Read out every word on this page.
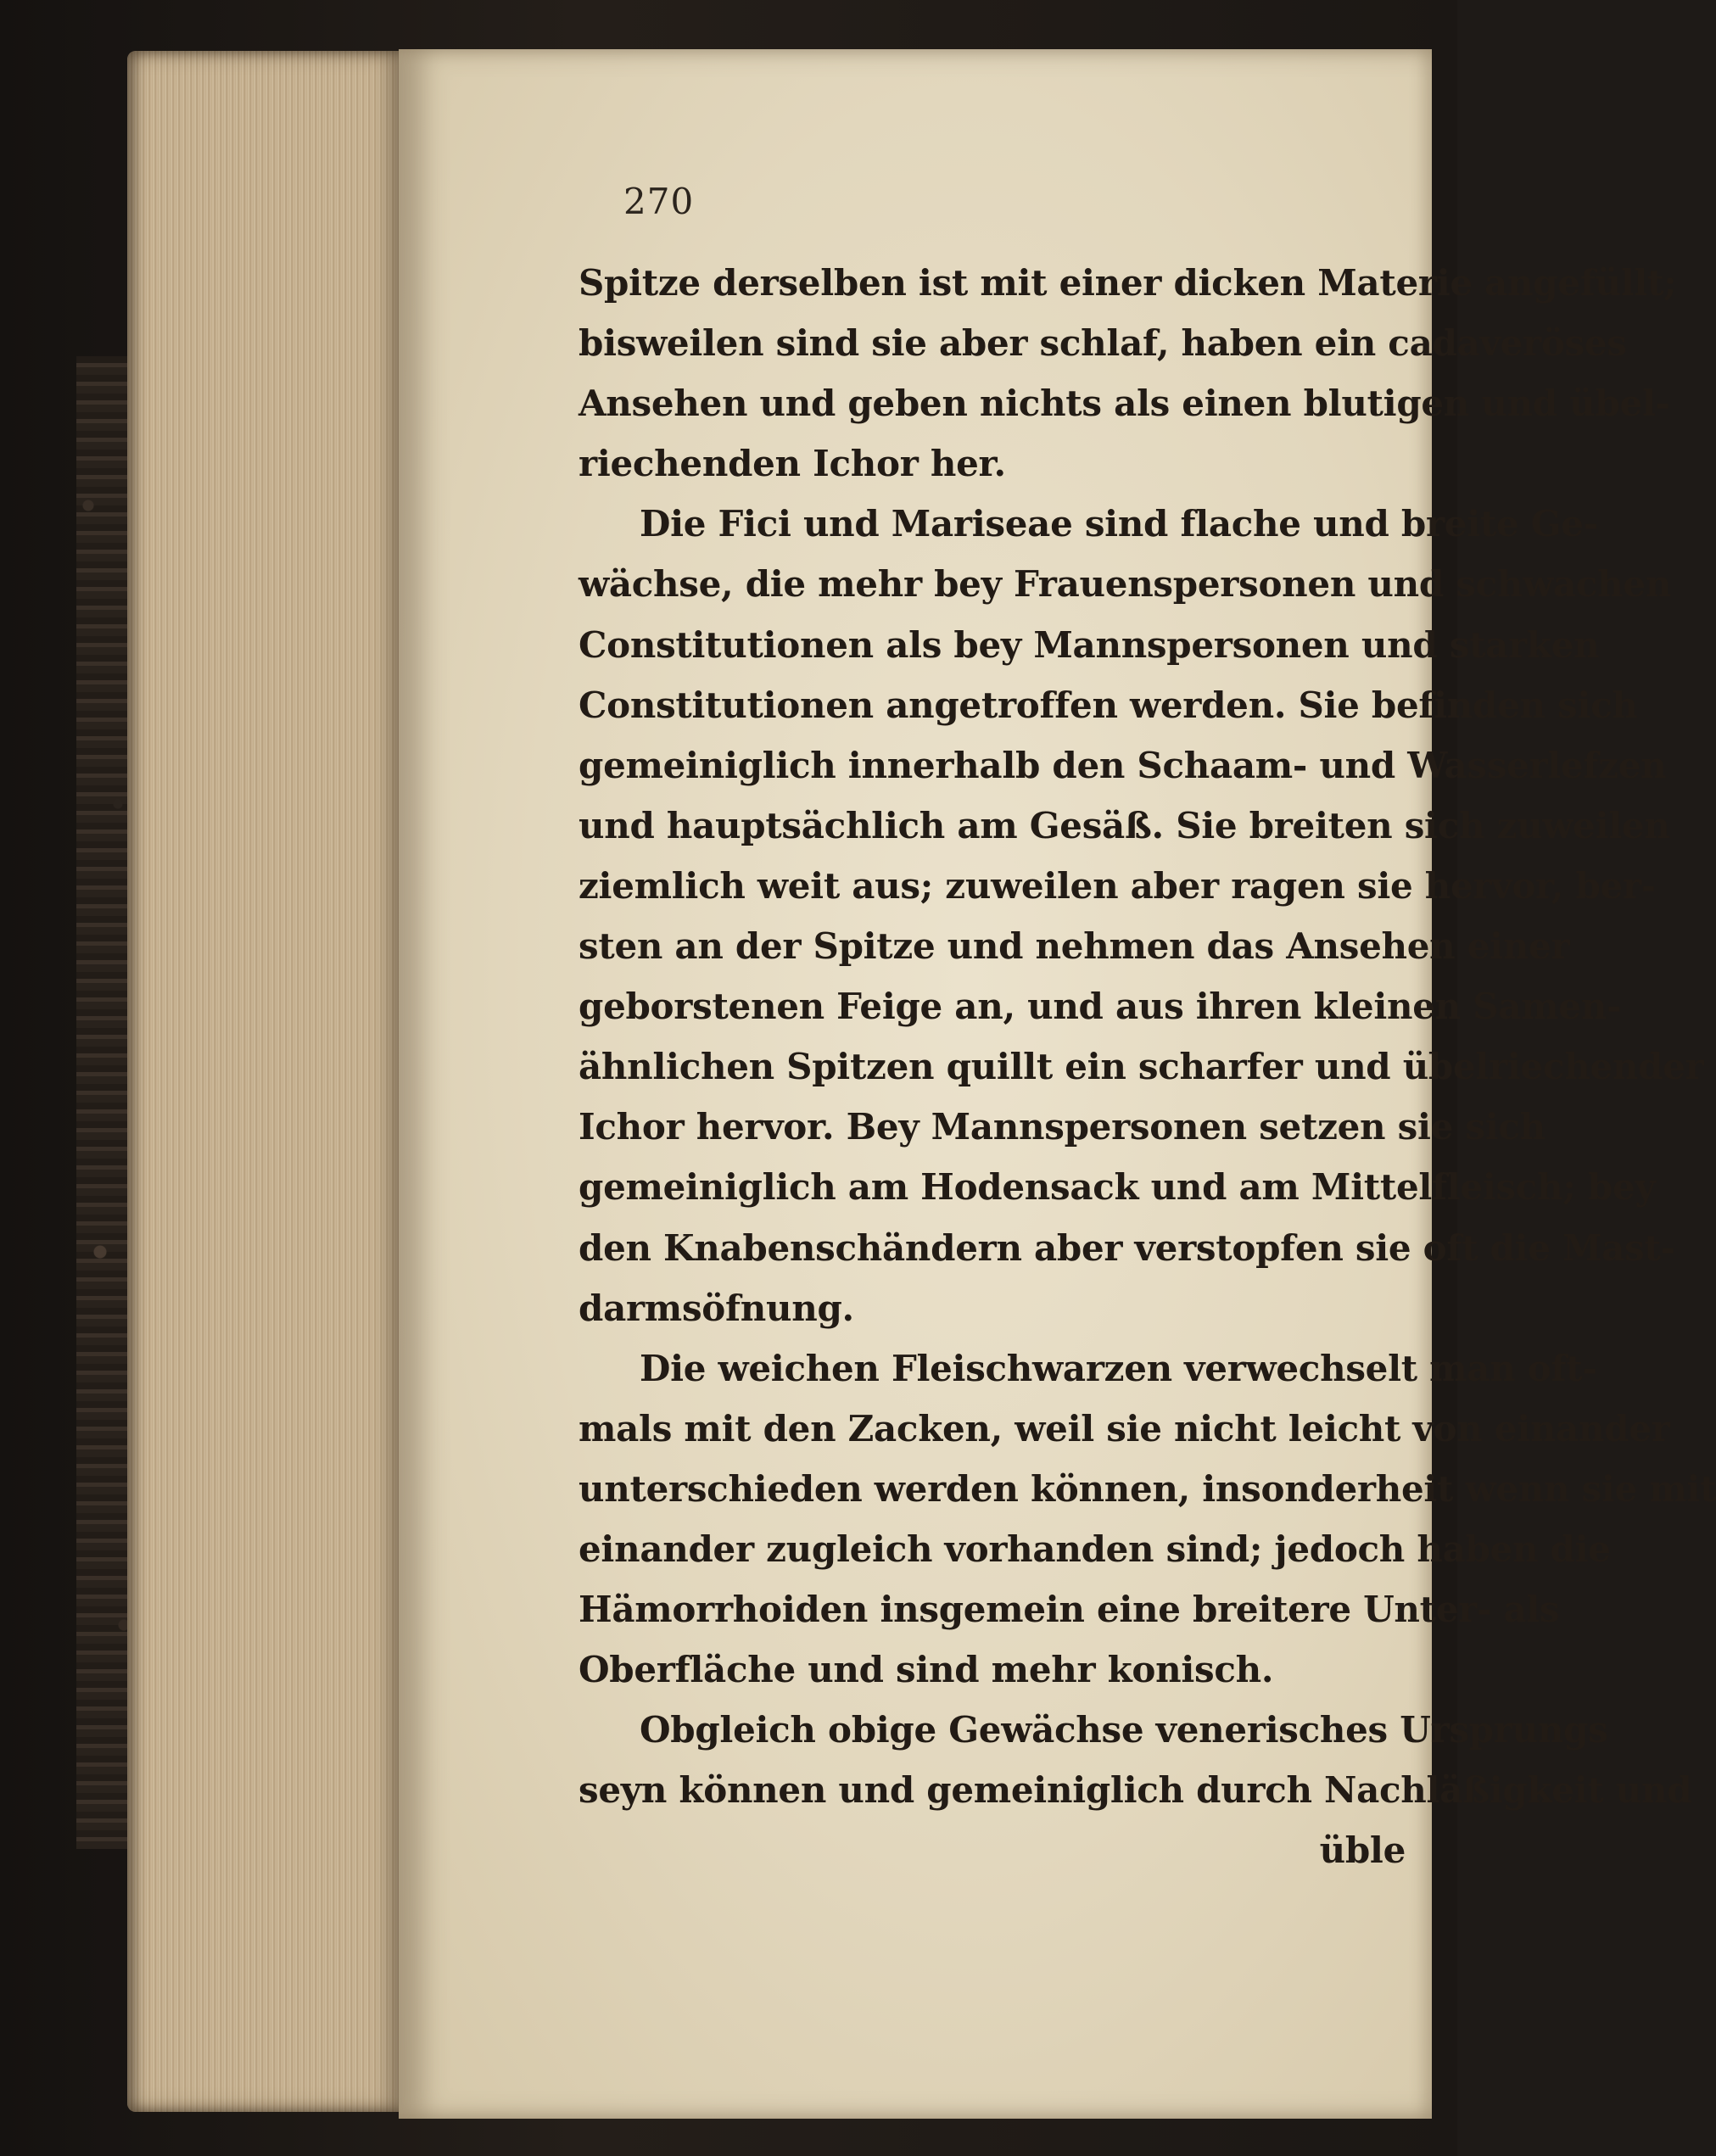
270
Spitze derselben ist mit einer dicken Materie angefüllt;
bisweilen sind sie aber schlaf, haben ein cadaveröses
Ansehen und geben nichts als einen blutigen und übel-
riechenden Ichor her.
Die Fici und Mariseae sind flache und breite Ge-
wächse, die mehr bey Frauenspersonen und schwachen
Constitutionen als bey Mannspersonen und starken
Constitutionen angetroffen werden. Sie befinden sich
gemeiniglich innerhalb den Schaam- und Wasserlefzen
und hauptsächlich am Gesäß. Sie breiten sich zuweilen
ziemlich weit aus; zuweilen aber ragen sie hervor, ber-
sten an der Spitze und nehmen das Ansehen einer
geborstenen Feige an, und aus ihren kleinen Samen-
ähnlichen Spitzen quillt ein scharfer und übelriechender
Ichor hervor. Bey Mannspersonen setzen sie sich
gemeiniglich am Hodensack und am Mittelfleisch; bey
den Knabenschändern aber verstopfen sie oft die Mast-
darmsöfnung.
Die weichen Fleischwarzen verwechselt man oft-
mals mit den Zacken, weil sie nicht leicht von einander
unterschieden werden können, insonderheit wenn sie mit
einander zugleich vorhanden sind; jedoch haben die
Hämorrhoiden insgemein eine breitere Unter- als
Oberfläche und sind mehr konisch.
Obgleich obige Gewächse venerisches Ursprungs
seyn können und gemeiniglich durch Nachläßigkeit und
üble
